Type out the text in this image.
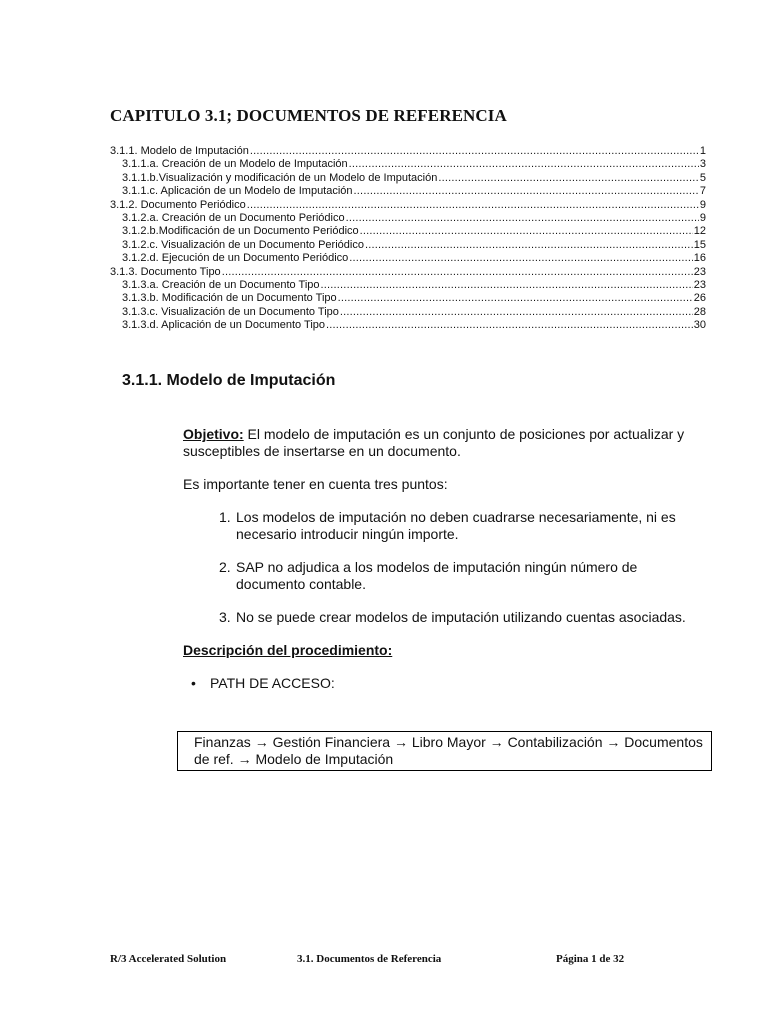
CAPITULO 3.1; DOCUMENTOS DE REFERENCIA
3.1.1. Modelo de Imputación .....	1
3.1.1.a. Creación de un Modelo de Imputación .....	3
3.1.1.b.Visualización y modificación de un Modelo de Imputación .....	5
3.1.1.c. Aplicación de un Modelo de Imputación .....	7
3.1.2. Documento Periódico .....	9
3.1.2.a. Creación de un Documento Periódico .....	9
3.1.2.b.Modificación de un Documento Periódico .....	12
3.1.2.c. Visualización de un Documento Periódico .....	15
3.1.2.d. Ejecución de un Documento Periódico .....	16
3.1.3. Documento Tipo .....	23
3.1.3.a. Creación de un Documento Tipo .....	23
3.1.3.b. Modificación de un Documento Tipo .....	26
3.1.3.c. Visualización de un Documento Tipo .....	28
3.1.3.d. Aplicación de un Documento Tipo .....	30
3.1.1. Modelo de Imputación

Objetivo: El modelo de imputación es un conjunto de posiciones por actualizar y susceptibles de insertarse en un documento.

Es importante tener en cuenta tres puntos:

1. Los modelos de imputación no deben cuadrarse necesariamente, ni es necesario introducir ningún importe.
2. SAP no adjudica a los modelos de imputación ningún número de documento contable.
3. No se puede crear modelos de imputación utilizando cuentas asociadas.

Descripción del procedimiento:

•	PATH DE ACCESO:
Finanzas → Gestión Financiera → Libro Mayor → Contabilización → Documentos de ref. → Modelo de Imputación
R/3 Accelerated Solution	3.1. Documentos de Referencia	Página 1 de 32
